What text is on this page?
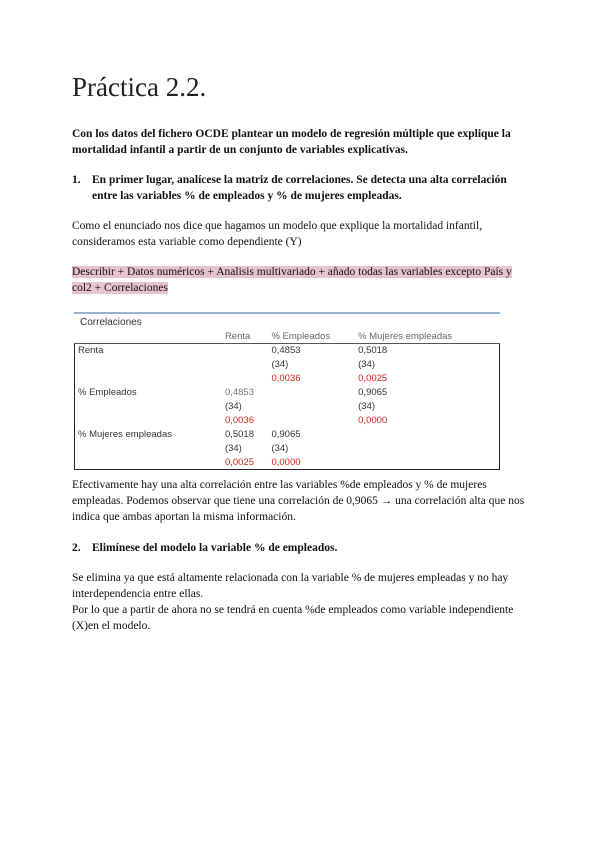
Práctica 2.2.
Con los datos del fichero OCDE plantear un modelo de regresión múltiple que explique la mortalidad infantil a partir de un conjunto de variables explicativas.
1. En primer lugar, analícese la matriz de correlaciones. Se detecta una alta correlación entre las variables % de empleados y % de mujeres empleadas.
Como el enunciado nos dice que hagamos un modelo que explique la mortalidad infantil, consideramos esta variable como dependiente (Y)
Describir + Datos numéricos + Analisis multivariado + añado todas las variables excepto País y col2 + Correlaciones
Correlaciones
	Renta	% Empleados	% Mujeres empleadas
Renta		0,4853	0,5018
		(34)	(34)
		0,0036	0,0025
% Empleados	0,4853		0,9065
	(34)		(34)
	0,0036		0,0000
% Mujeres empleadas	0,5018	0,9065	
	(34)	(34)	
	0,0025	0,0000	
Efectivamente hay una alta correlación entre las variables %de empleados y % de mujeres empleadas. Podemos observar que tiene una correlación de 0,9065 → una correlación alta que nos indica que ambas aportan la misma información.
2. Elimínese del modelo la variable % de empleados.
Se elimina ya que está altamente relacionada con la variable % de mujeres empleadas y no hay interdependencia entre ellas.
Por lo que a partir de ahora no se tendrá en cuenta %de empleados como variable independiente (X)en el modelo.
